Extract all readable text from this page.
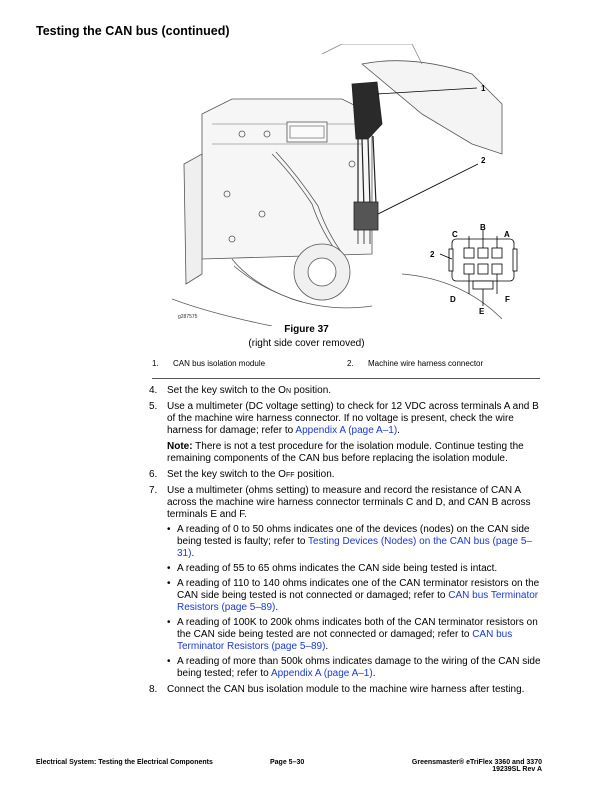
Testing the CAN bus (continued)
1
2
2
B
C	A
D
E
F
g287575
Figure 37
(right side cover removed)
1. CAN bus isolation module	2. Machine wire harness connector
4. Set the key switch to the On position.
5. Use a multimeter (DC voltage setting) to check for 12 VDC across terminals A and B of the machine wire harness connector. If no voltage is present, check the wire harness for damage; refer to Appendix A (page A–1).
Note: There is not a test procedure for the isolation module. Continue testing the remaining components of the CAN bus before replacing the isolation module.
6. Set the key switch to the Off position.
7. Use a multimeter (ohms setting) to measure and record the resistance of CAN A across the machine wire harness connector terminals C and D, and CAN B across terminals E and F.
• A reading of 0 to 50 ohms indicates one of the devices (nodes) on the CAN side being tested is faulty; refer to Testing Devices (Nodes) on the CAN bus (page 5–31).
• A reading of 55 to 65 ohms indicates the CAN side being tested is intact.
• A reading of 110 to 140 ohms indicates one of the CAN terminator resistors on the CAN side being tested is not connected or damaged; refer to CAN bus Terminator Resistors (page 5–89).
• A reading of 100K to 200k ohms indicates both of the CAN terminator resistors on the CAN side being tested are not connected or damaged; refer to CAN bus Terminator Resistors (page 5–89).
• A reading of more than 500k ohms indicates damage to the wiring of the CAN side being tested; refer to Appendix A (page A–1).
8. Connect the CAN bus isolation module to the machine wire harness after testing.
Electrical System: Testing the Electrical Components	Page 5–30	Greensmaster® eTriFlex 3360 and 3370
19239SL Rev A
